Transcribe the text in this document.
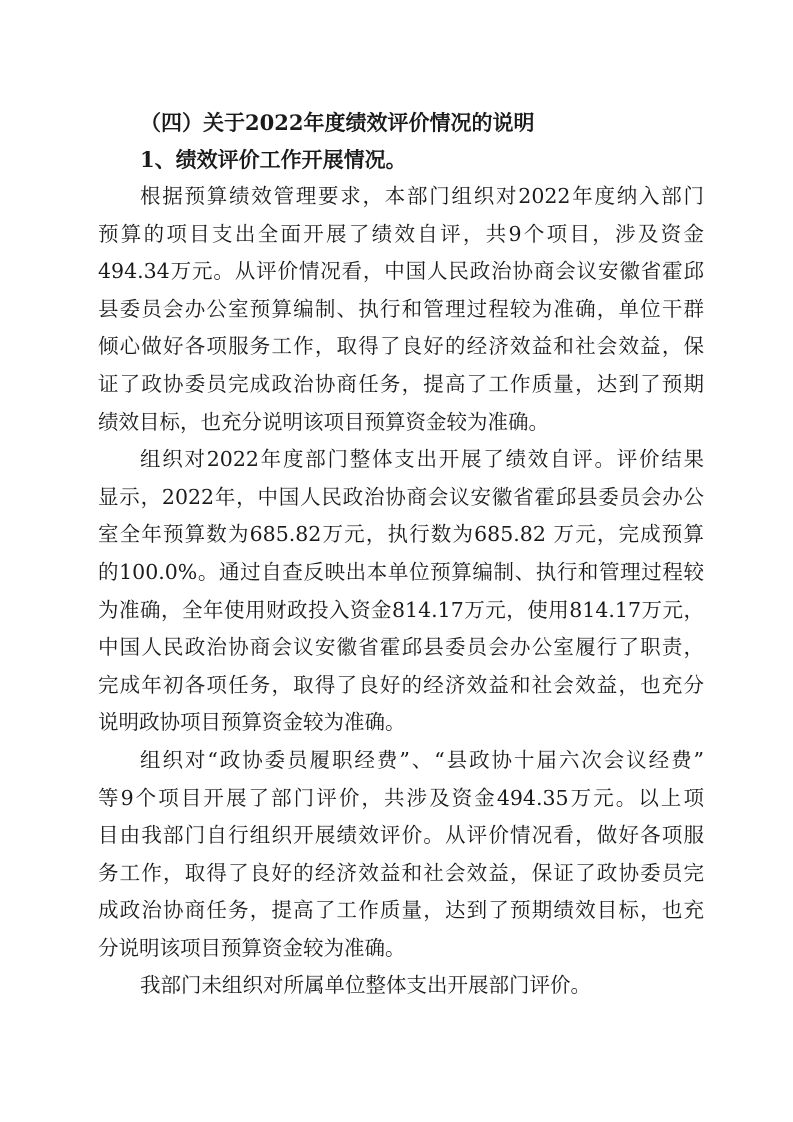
（四）关于2022年度绩效评价情况的说明

1、绩效评价工作开展情况。

根据预算绩效管理要求，本部门组织对2022年度纳入部门
预算的项目支出全面开展了绩效自评，共9个项目，涉及资金
494.34万元。从评价情况看，中国人民政治协商会议安徽省霍邱
县委员会办公室预算编制、执行和管理过程较为准确，单位干群
倾心做好各项服务工作，取得了良好的经济效益和社会效益，保
证了政协委员完成政治协商任务，提高了工作质量，达到了预期
绩效目标，也充分说明该项目预算资金较为准确。

组织对2022年度部门整体支出开展了绩效自评。评价结果
显示，2022年，中国人民政治协商会议安徽省霍邱县委员会办公
室全年预算数为685.82万元，执行数为685.82 万元，完成预算
的100.0%。通过自查反映出本单位预算编制、执行和管理过程较
为准确，全年使用财政投入资金814.17万元，使用814.17万元，
中国人民政治协商会议安徽省霍邱县委员会办公室履行了职责，
完成年初各项任务，取得了良好的经济效益和社会效益，也充分
说明政协项目预算资金较为准确。

组织对“政协委员履职经费”、“县政协十届六次会议经费”
等9个项目开展了部门评价，共涉及资金494.35万元。以上项
目由我部门自行组织开展绩效评价。从评价情况看，做好各项服
务工作，取得了良好的经济效益和社会效益，保证了政协委员完
成政治协商任务，提高了工作质量，达到了预期绩效目标，也充
分说明该项目预算资金较为准确。

我部门未组织对所属单位整体支出开展部门评价。
